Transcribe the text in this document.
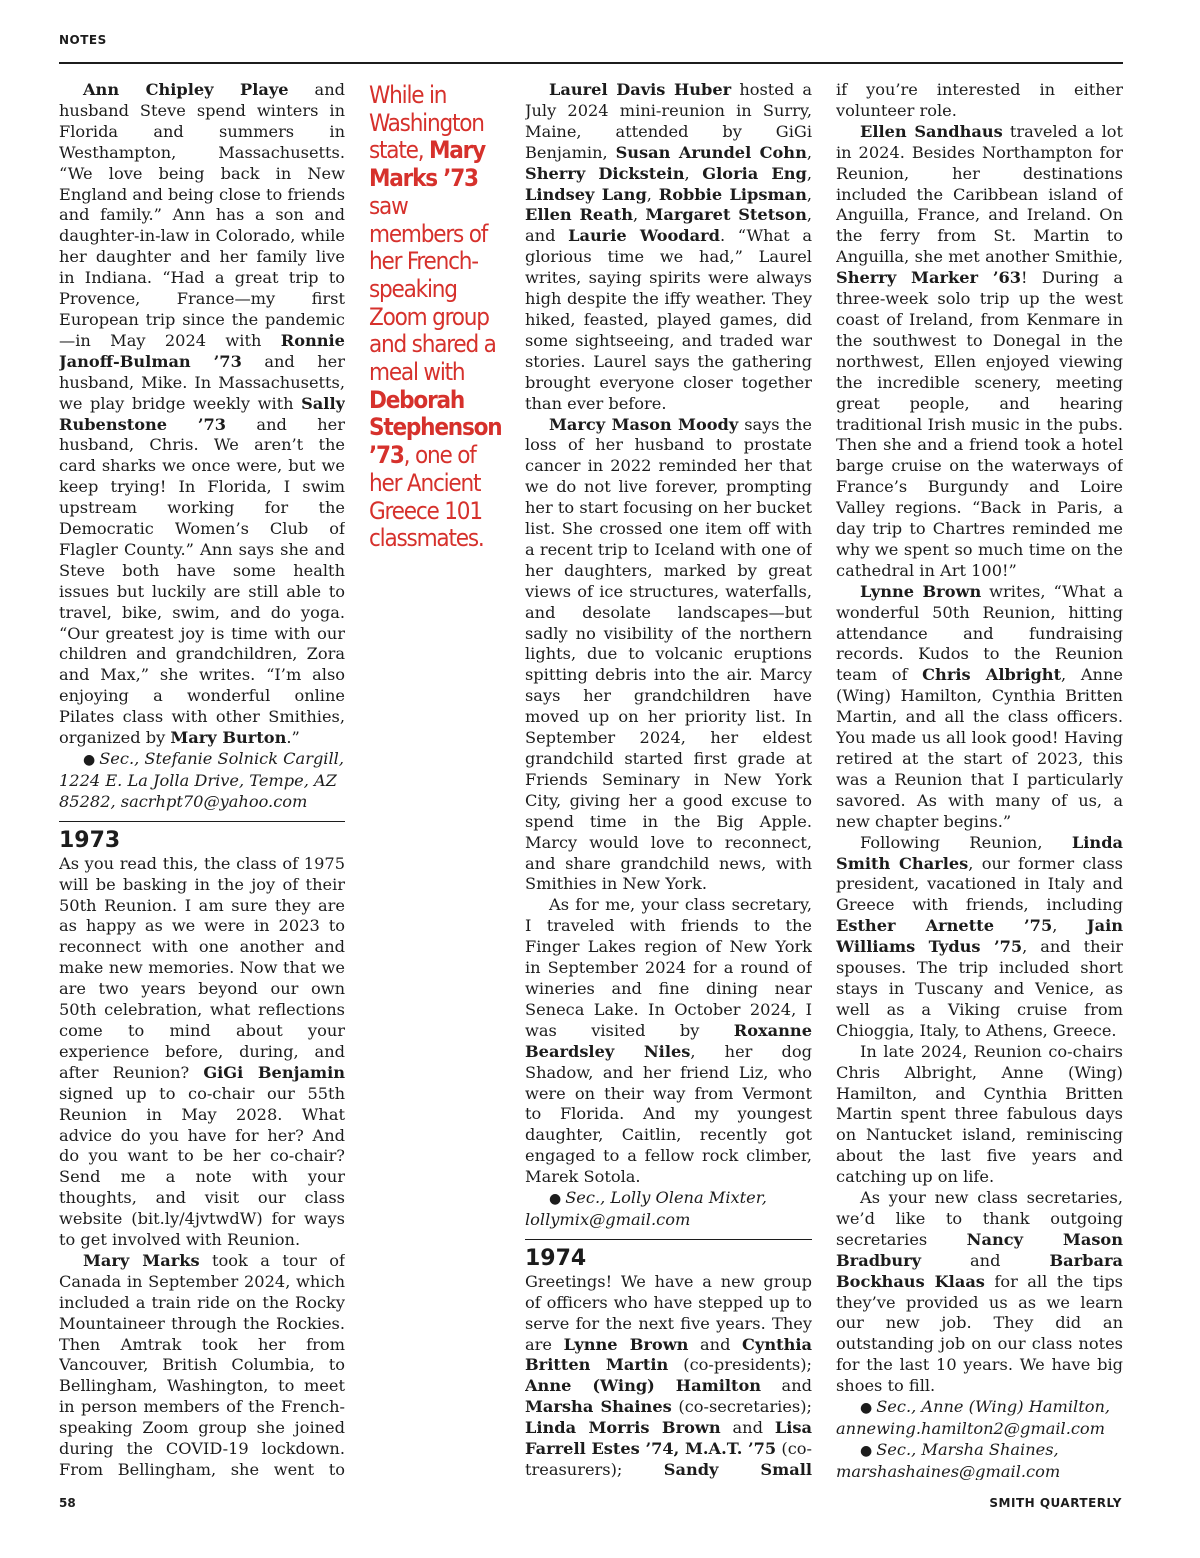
NOTES

Ann Chipley Playe and husband Steve spend winters in Florida and summers in Westhampton, Massachusetts. “We love being back in New England and being close to friends and family.” Ann has a son and daughter-in-law in Colorado, while her daughter and her family live in Indiana. “Had a great trip to Provence, France—my first European trip since the pandemic—in May 2024 with Ronnie Janoff-Bulman ’73 and her husband, Mike. In Massachusetts, we play bridge weekly with Sally Rubenstone ’73 and her husband, Chris. We aren’t the card sharks we once were, but we keep trying! In Florida, I swim upstream working for the Democratic Women’s Club of Flagler County.” Ann says she and Steve both have some health issues but luckily are still able to travel, bike, swim, and do yoga. “Our greatest joy is time with our children and grandchildren, Zora and Max,” she writes. “I’m also enjoying a wonderful online Pilates class with other Smithies, organized by Mary Burton.”

● Sec., Stefanie Solnick Cargill, 1224 E. La Jolla Drive, Tempe, AZ 85282, sacrhpt70@yahoo.com

1973

As you read this, the class of 1975 will be basking in the joy of their 50th Reunion. I am sure they are as happy as we were in 2023 to reconnect with one another and make new memories. Now that we are two years beyond our own 50th celebration, what reflections come to mind about your experience before, during, and after Reunion? GiGi Benjamin signed up to co-chair our 55th Reunion in May 2028. What advice do you have for her? And do you want to be her co-chair? Send me a note with your thoughts, and visit our class website (bit.ly/4jvtwdW) for ways to get involved with Reunion.

Mary Marks took a tour of Canada in September 2024, which included a train ride on the Rocky Mountaineer through the Rockies. Then Amtrak took her from Vancouver, British Columbia, to Bellingham, Washington, to meet in person members of the French-speaking Zoom group she joined during the COVID-19 lockdown. From Bellingham, she went to

While in Washington state, Mary Marks ’73 saw members of her French-speaking Zoom group and shared a meal with Deborah Stephenson ’73, one of her Ancient Greece 101 classmates.

Laurel Davis Huber hosted a July 2024 mini-reunion in Surry, Maine, attended by GiGi Benjamin, Susan Arundel Cohn, Sherry Dickstein, Gloria Eng, Lindsey Lang, Robbie Lipsman, Ellen Reath, Margaret Stetson, and Laurie Woodard. “What a glorious time we had,” Laurel writes, saying spirits were always high despite the iffy weather. They hiked, feasted, played games, did some sightseeing, and traded war stories. Laurel says the gathering brought everyone closer together than ever before.

Marcy Mason Moody says the loss of her husband to prostate cancer in 2022 reminded her that we do not live forever, prompting her to start focusing on her bucket list. She crossed one item off with a recent trip to Iceland with one of her daughters, marked by great views of ice structures, waterfalls, and desolate landscapes—but sadly no visibility of the northern lights, due to volcanic eruptions spitting debris into the air. Marcy says her grandchildren have moved up on her priority list. In September 2024, her eldest grandchild started first grade at Friends Seminary in New York City, giving her a good excuse to spend time in the Big Apple. Marcy would love to reconnect, and share grandchild news, with Smithies in New York.

As for me, your class secretary, I traveled with friends to the Finger Lakes region of New York in September 2024 for a round of wineries and fine dining near Seneca Lake. In October 2024, I was visited by Roxanne Beardsley Niles, her dog Shadow, and her friend Liz, who were on their way from Vermont to Florida. And my youngest daughter, Caitlin, recently got engaged to a fellow rock climber, Marek Sotola.

● Sec., Lolly Olena Mixter, lollymix@gmail.com

1974

Greetings! We have a new group of officers who have stepped up to serve for the next five years. They are Lynne Brown and Cynthia Britten Martin (co-presidents); Anne (Wing) Hamilton and Marsha Shaines (co-secretaries); Linda Morris Brown and Lisa Farrell Estes ’74, M.A.T. ’75 (co-treasurers); Sandy Small

if you’re interested in either volunteer role.

Ellen Sandhaus traveled a lot in 2024. Besides Northampton for Reunion, her destinations included the Caribbean island of Anguilla, France, and Ireland. On the ferry from St. Martin to Anguilla, she met another Smithie, Sherry Marker ’63! During a three-week solo trip up the west coast of Ireland, from Kenmare in the southwest to Donegal in the northwest, Ellen enjoyed viewing the incredible scenery, meeting great people, and hearing traditional Irish music in the pubs. Then she and a friend took a hotel barge cruise on the waterways of France’s Burgundy and Loire Valley regions. “Back in Paris, a day trip to Chartres reminded me why we spent so much time on the cathedral in Art 100!”

Lynne Brown writes, “What a wonderful 50th Reunion, hitting attendance and fundraising records. Kudos to the Reunion team of Chris Albright, Anne (Wing) Hamilton, Cynthia Britten Martin, and all the class officers. You made us all look good! Having retired at the start of 2023, this was a Reunion that I particularly savored. As with many of us, a new chapter begins.”

Following Reunion, Linda Smith Charles, our former class president, vacationed in Italy and Greece with friends, including Esther Arnette ’75, Jain Williams Tydus ’75, and their spouses. The trip included short stays in Tuscany and Venice, as well as a Viking cruise from Chioggia, Italy, to Athens, Greece.

In late 2024, Reunion co-chairs Chris Albright, Anne (Wing) Hamilton, and Cynthia Britten Martin spent three fabulous days on Nantucket island, reminiscing about the last five years and catching up on life.

As your new class secretaries, we’d like to thank outgoing secretaries Nancy Mason Bradbury and Barbara Bockhaus Klaas for all the tips they’ve provided us as we learn our new job. They did an outstanding job on our class notes for the last 10 years. We have big shoes to fill.

● Sec., Anne (Wing) Hamilton, annewing.hamilton2@gmail.com

● Sec., Marsha Shaines, marshashaines@gmail.com

58	SMITH QUARTERLY
